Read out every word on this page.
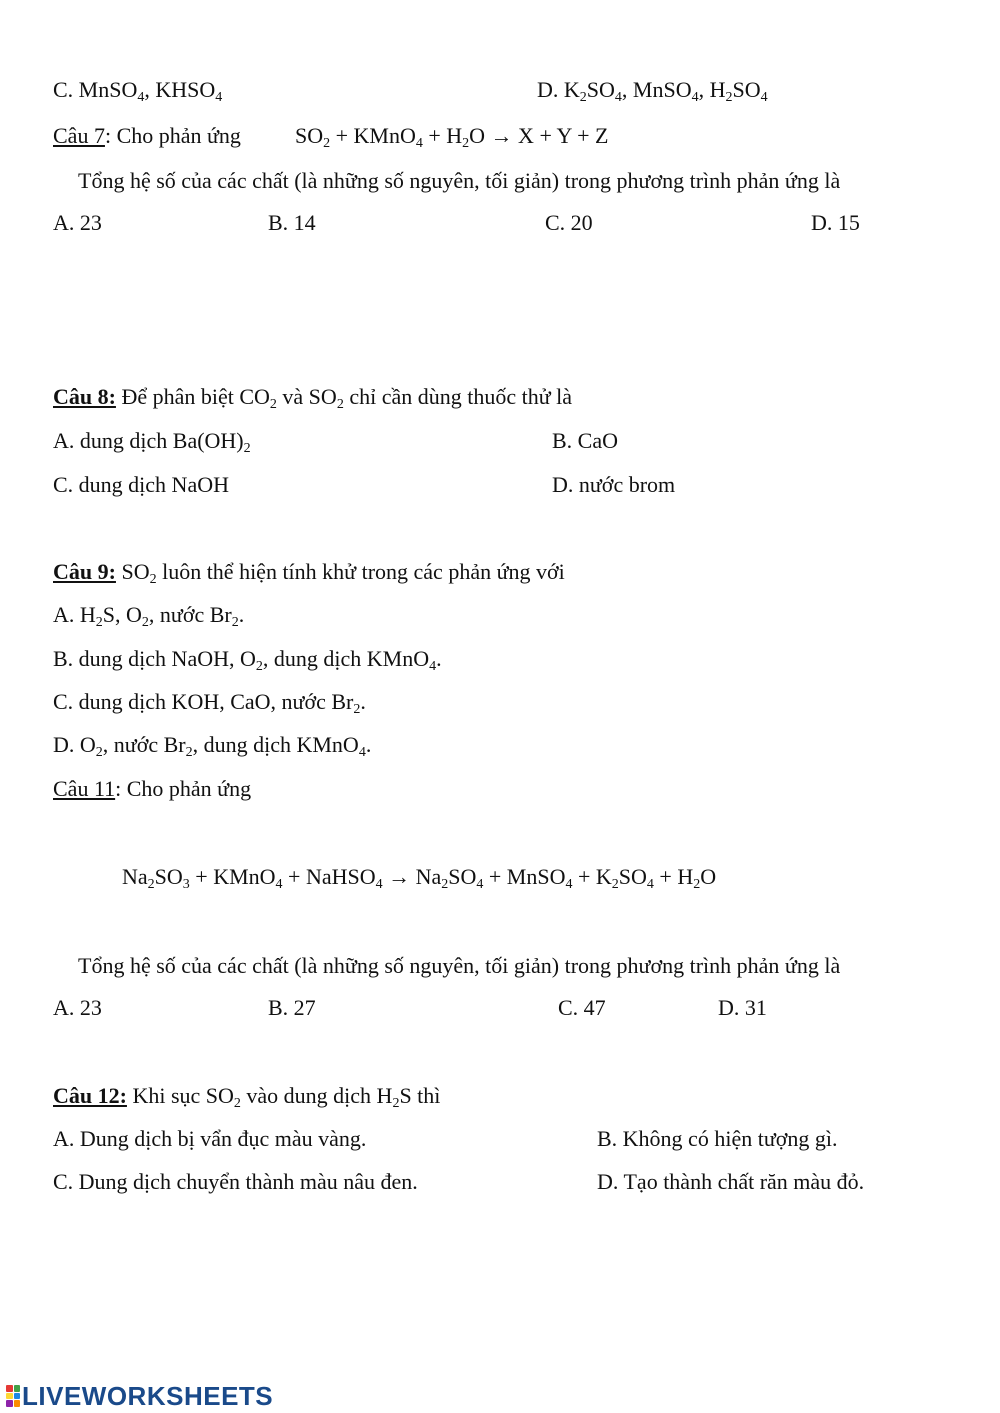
C. MnSO$_4$, $KHSO_4$	D. $K_2SO_4$, MnSO$_4$, $H_2SO_4$
Câu 7: Cho phản ứng $SO_2$ + KMnO$_4$ + $H_2O \to X + Y + Z$
Tổng hệ số của các chất (là những số nguyên, tối giản) trong phương trình phản ứng là
A. 23	B. 14	C. 20	D. 15
Câu 8: Để phân biệt $CO_2$ và $SO_2$ chỉ cần dùng thuốc thử là
A. dung dịch $Ba(OH)_2$	B. CaO
C. dung dịch NaOH	D. nước brom
Câu 9: $SO_2$ luôn thể hiện tính khử trong các phản ứng với
A. $H_2S$, $O_2$, nước $Br_2$.
B. dung dịch NaOH, $O_2$, dung dịch KMnO$_4$.
C. dung dịch KOH, CaO, nước $Br_2$.
D. $O_2$, nước $Br_2$, dung dịch KMnO$_4$.
Câu 11: Cho phản ứng
$Na_2SO_3$ + KMnO$_4$ + NaHSO$_4$ → $Na_2SO_4$ + MnSO$_4$ + $K_2SO_4 + H_2O$
Tổng hệ số của các chất (là những số nguyên, tối giản) trong phương trình phản ứng là
A. 23	B. 27	C. 47	D. 31
Câu 12: Khi sục $SO_2$ vào dung dịch $H_2S$ thì
A. Dung dịch bị vẩn đục màu vàng.	B. Không có hiện tượng gì.
C. Dung dịch chuyển thành màu nâu đen.	D. Tạo thành chất răn màu đỏ.
LIVEWORKSHEETS
